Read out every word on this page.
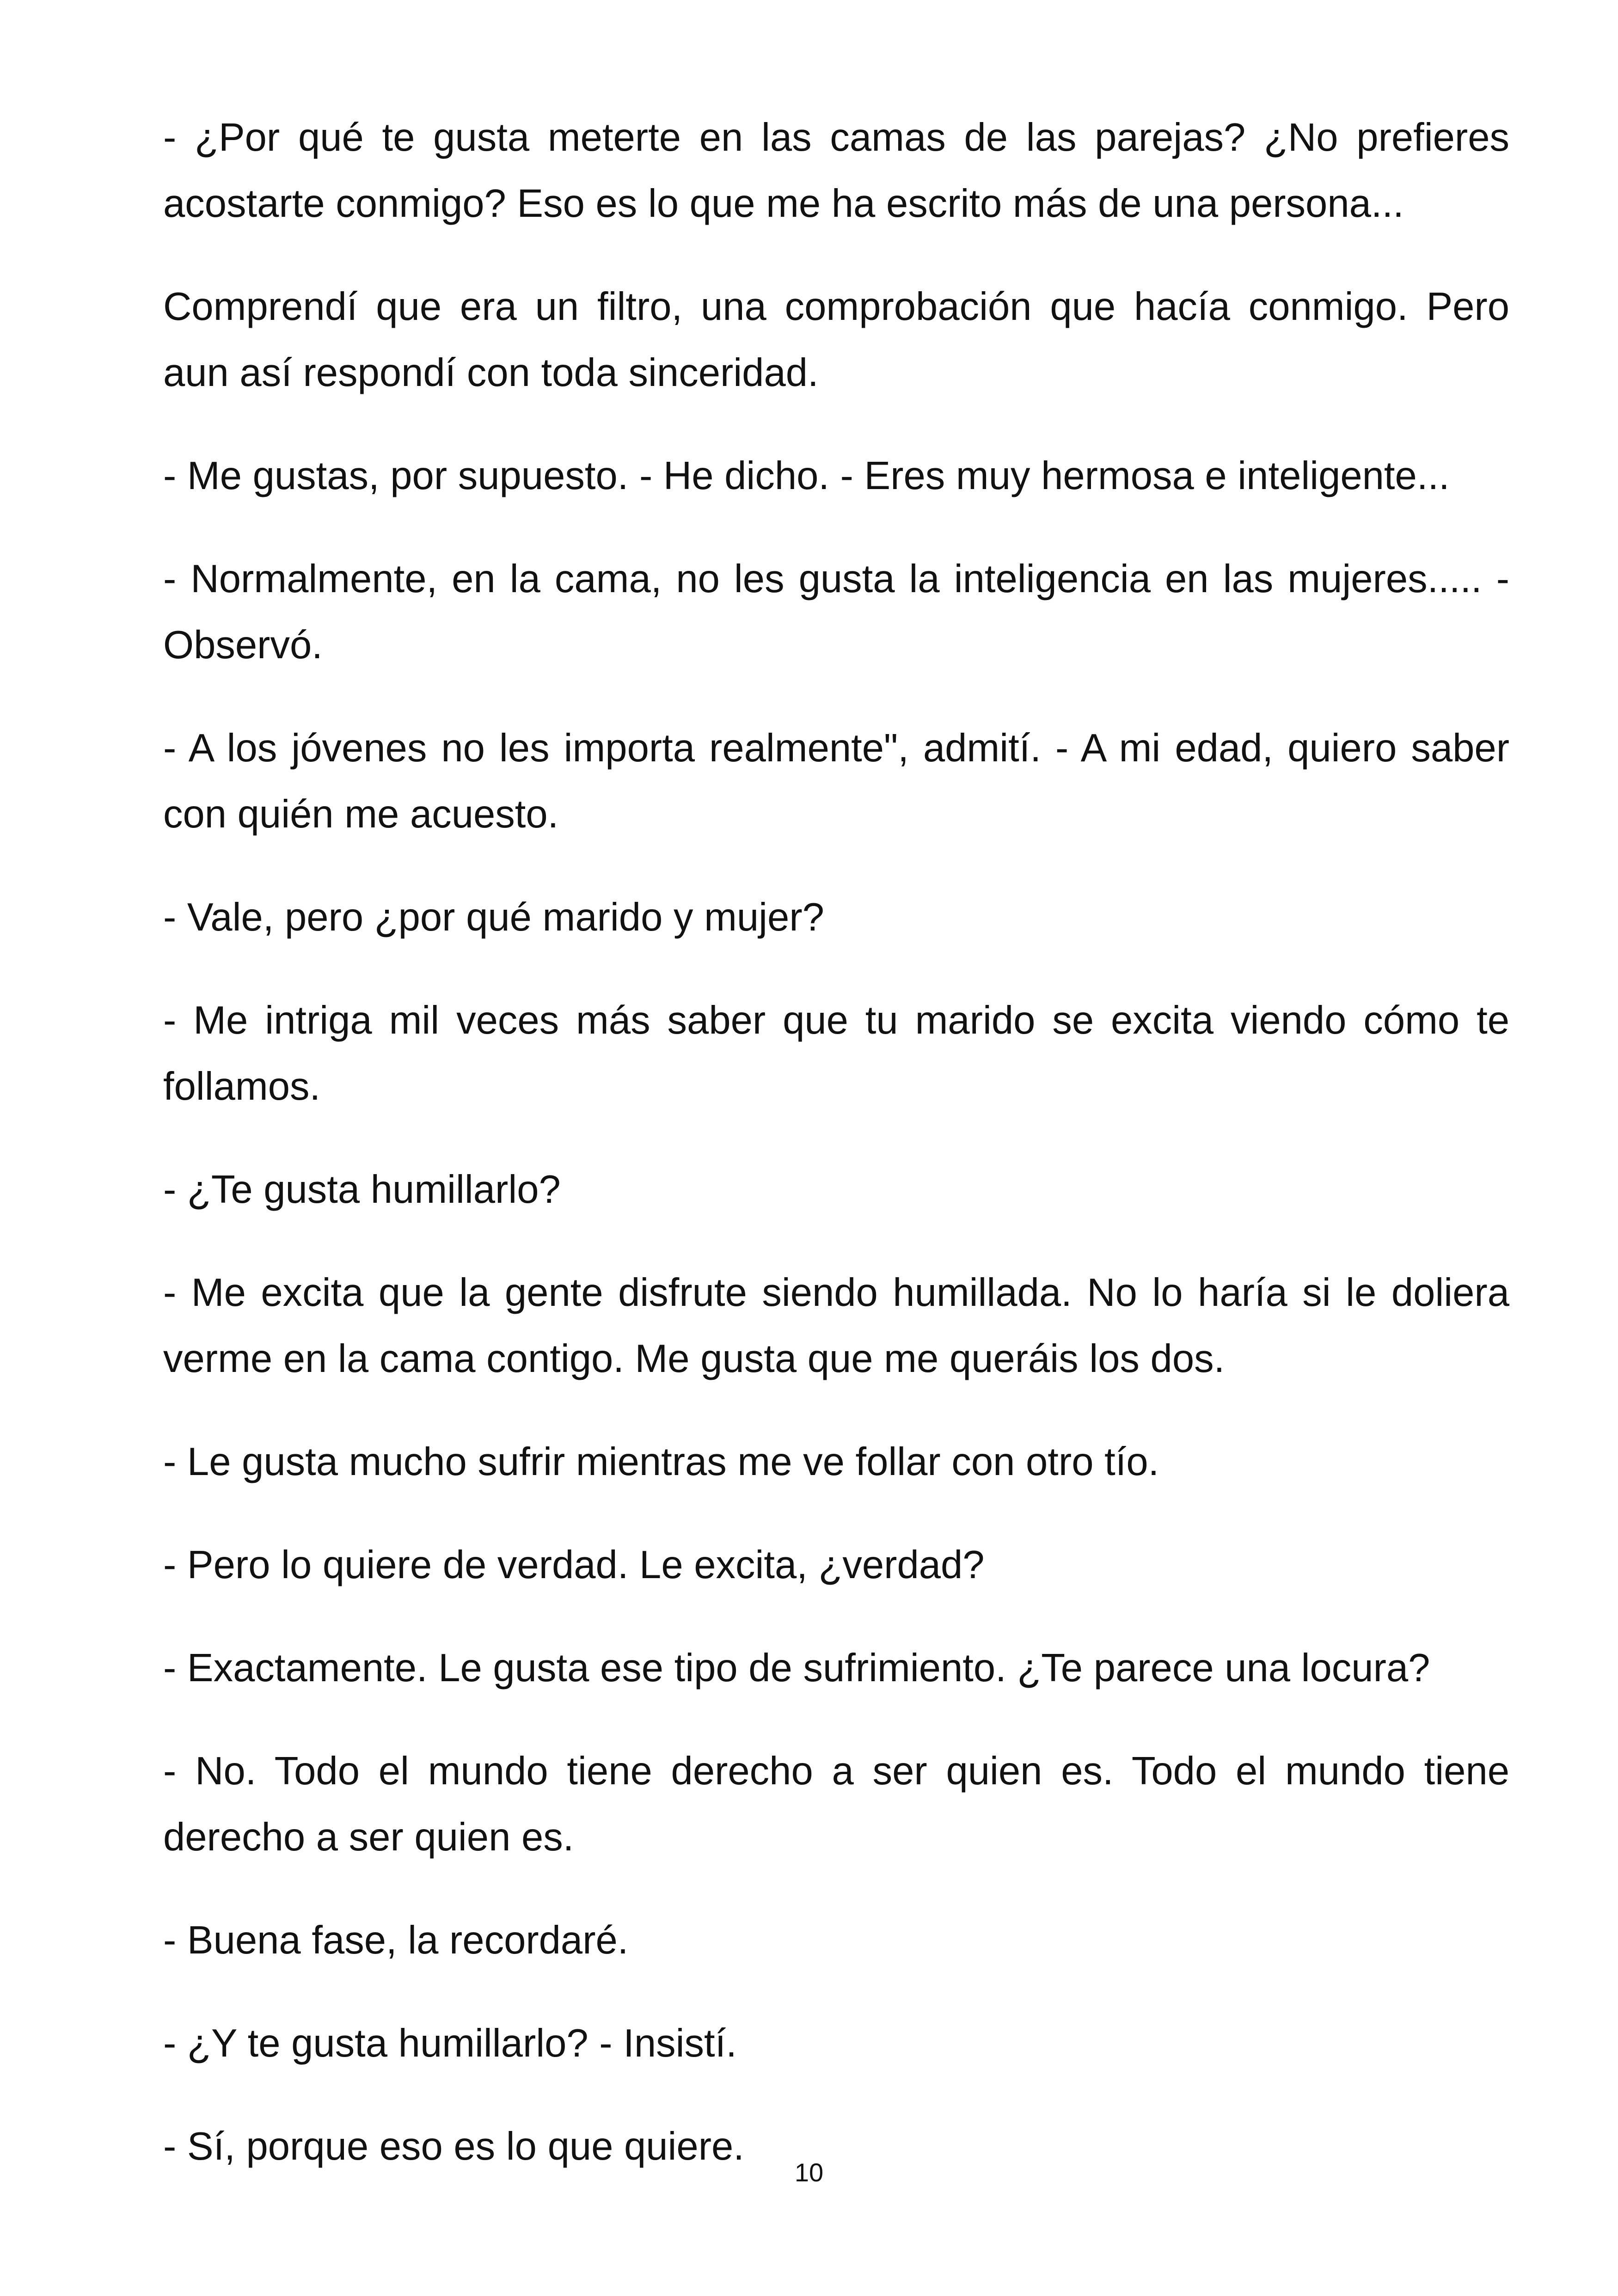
- ¿Por qué te gusta meterte en las camas de las parejas? ¿No prefieres acostarte conmigo? Eso es lo que me ha escrito más de una persona...

Comprendí que era un filtro, una comprobación que hacía conmigo. Pero aun así respondí con toda sinceridad.

- Me gustas, por supuesto. - He dicho. - Eres muy hermosa e inteligente...

- Normalmente, en la cama, no les gusta la inteligencia en las mujeres..... - Observó.

- A los jóvenes no les importa realmente", admití. - A mi edad, quiero saber con quién me acuesto.

- Vale, pero ¿por qué marido y mujer?

- Me intriga mil veces más saber que tu marido se excita viendo cómo te follamos.

- ¿Te gusta humillarlo?

- Me excita que la gente disfrute siendo humillada. No lo haría si le doliera verme en la cama contigo. Me gusta que me queráis los dos.

- Le gusta mucho sufrir mientras me ve follar con otro tío.

- Pero lo quiere de verdad. Le excita, ¿verdad?

- Exactamente. Le gusta ese tipo de sufrimiento. ¿Te parece una locura?

- No. Todo el mundo tiene derecho a ser quien es. Todo el mundo tiene derecho a ser quien es.

- Buena fase, la recordaré.

- ¿Y te gusta humillarlo? - Insistí.

- Sí, porque eso es lo que quiere.

10
